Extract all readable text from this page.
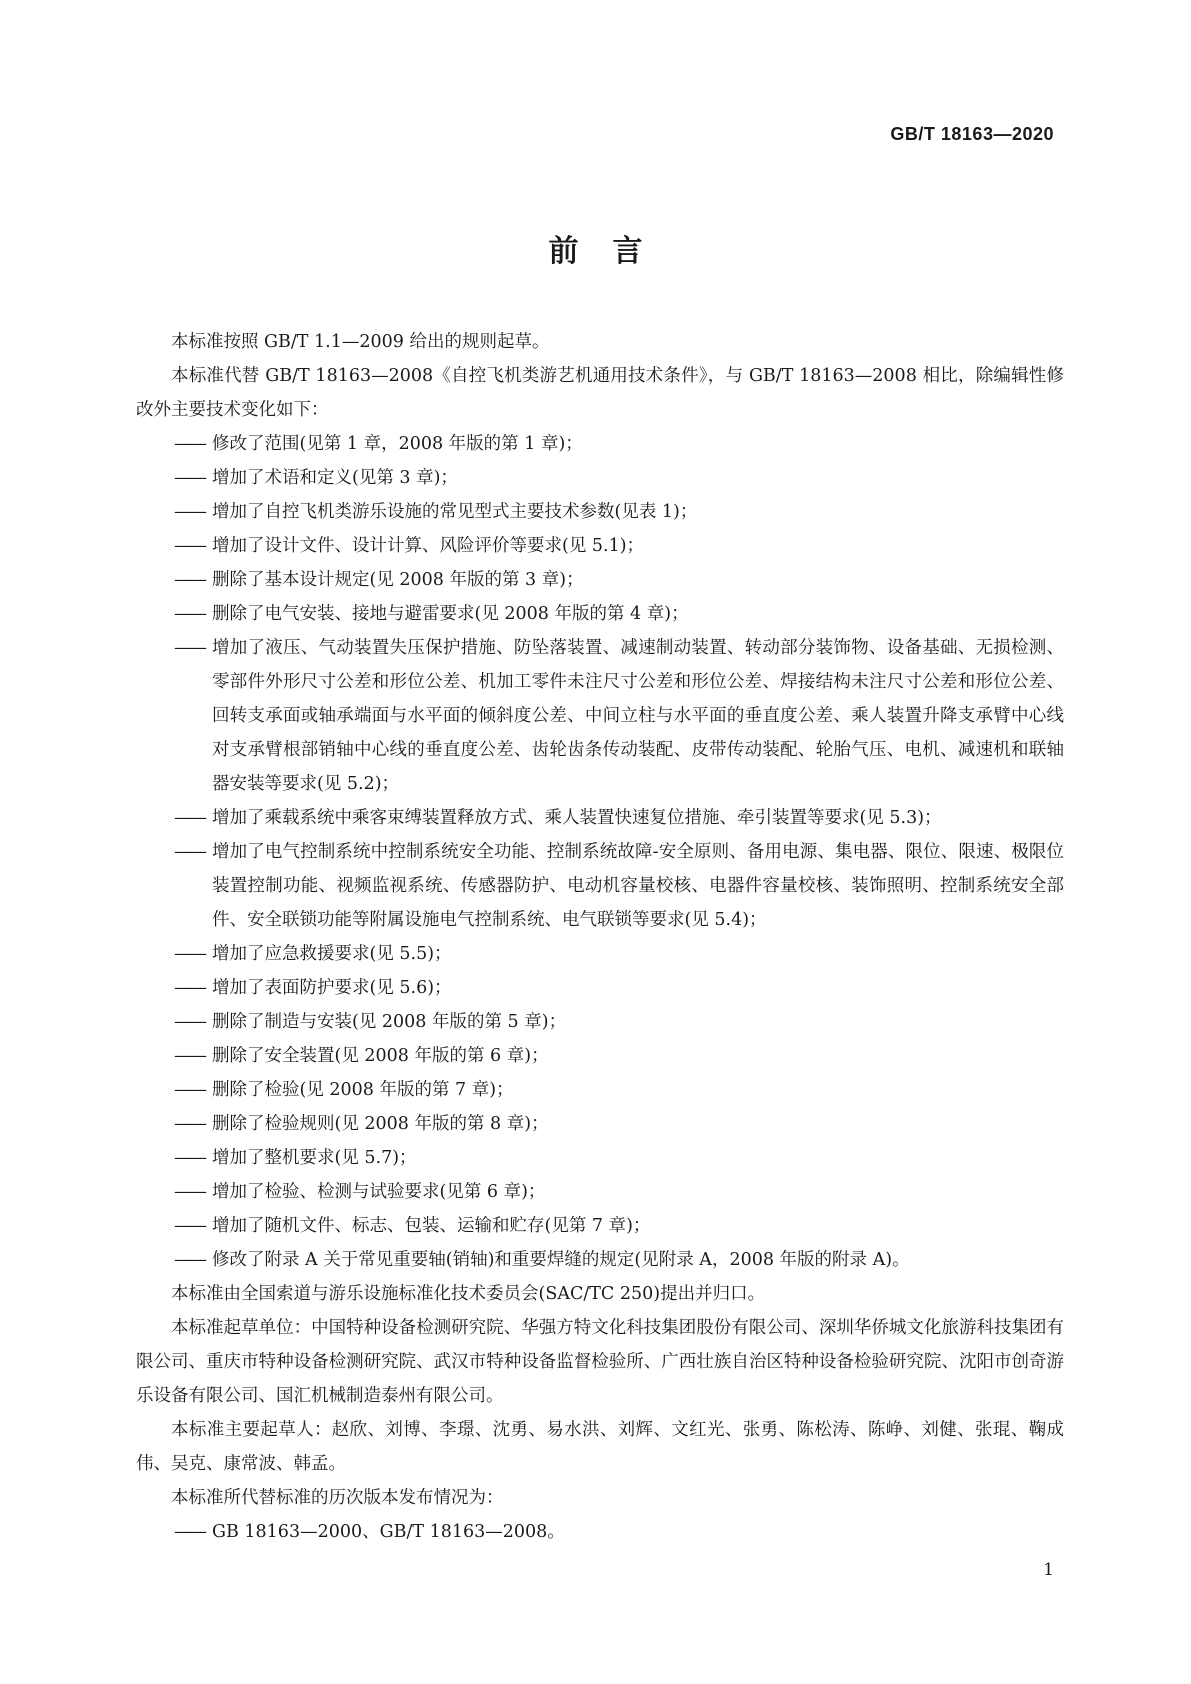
GB/T 18163—2020
前言

本标准按照 GB/T 1.1—2009 给出的规则起草。

本标准代替 GB/T 18163—2008《自控飞机类游艺机通用技术条件》，与 GB/T 18163—2008 相比，除编辑性修改外主要技术变化如下：

—— 修改了范围(见第 1 章，2008 年版的第 1 章)；

—— 增加了术语和定义(见第 3 章)；

—— 增加了自控飞机类游乐设施的常见型式主要技术参数(见表 1)；

—— 增加了设计文件、设计计算、风险评价等要求(见 5.1)；

—— 删除了基本设计规定(见 2008 年版的第 3 章)；

—— 删除了电气安装、接地与避雷要求(见 2008 年版的第 4 章)；

—— 增加了液压、气动装置失压保护措施、防坠落装置、减速制动装置、转动部分装饰物、设备基础、无损检测、零部件外形尺寸公差和形位公差、机加工零件未注尺寸公差和形位公差、焊接结构未注尺寸公差和形位公差、回转支承面或轴承端面与水平面的倾斜度公差、中间立柱与水平面的垂直度公差、乘人装置升降支承臂中心线对支承臂根部销轴中心线的垂直度公差、齿轮齿条传动装配、皮带传动装配、轮胎气压、电机、减速机和联轴器安装等要求(见 5.2)；

—— 增加了乘载系统中乘客束缚装置释放方式、乘人装置快速复位措施、牵引装置等要求(见 5.3)；

—— 增加了电气控制系统中控制系统安全功能、控制系统故障-安全原则、备用电源、集电器、限位、限速、极限位装置控制功能、视频监视系统、传感器防护、电动机容量校核、电器件容量校核、装饰照明、控制系统安全部件、安全联锁功能等附属设施电气控制系统、电气联锁等要求(见 5.4)；

—— 增加了应急救援要求(见 5.5)；

—— 增加了表面防护要求(见 5.6)；

—— 删除了制造与安装(见 2008 年版的第 5 章)；

—— 删除了安全装置(见 2008 年版的第 6 章)；

—— 删除了检验(见 2008 年版的第 7 章)；

—— 删除了检验规则(见 2008 年版的第 8 章)；

—— 增加了整机要求(见 5.7)；

—— 增加了检验、检测与试验要求(见第 6 章)；

—— 增加了随机文件、标志、包装、运输和贮存(见第 7 章)；

—— 修改了附录 A 关于常见重要轴(销轴)和重要焊缝的规定(见附录 A，2008 年版的附录 A)。

本标准由全国索道与游乐设施标准化技术委员会(SAC/TC 250)提出并归口。

本标准起草单位：中国特种设备检测研究院、华强方特文化科技集团股份有限公司、深圳华侨城文化旅游科技集团有限公司、重庆市特种设备检测研究院、武汉市特种设备监督检验所、广西壮族自治区特种设备检验研究院、沈阳市创奇游乐设备有限公司、国汇机械制造泰州有限公司。

本标准主要起草人：赵欣、刘博、李璟、沈勇、易水洪、刘辉、文红光、张勇、陈松涛、陈峥、刘健、张琨、鞠成伟、吴克、康常波、韩孟。

本标准所代替标准的历次版本发布情况为：

—— GB 18163—2000、GB/T 18163—2008。

1
